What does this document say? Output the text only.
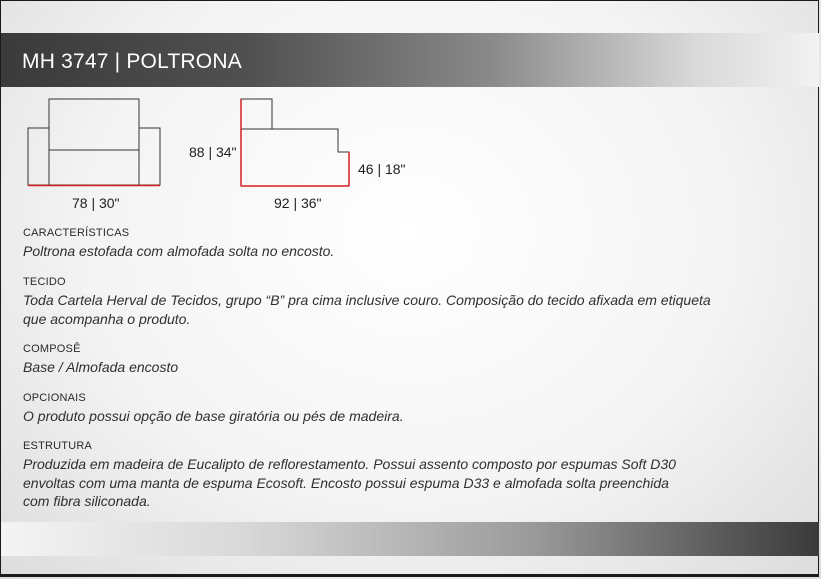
MH 3747 | POLTRONA
78 | 30"	92 | 36"
88 | 34"
46 | 18"
CARACTERÍSTICAS
Poltrona estofada com almofada solta no encosto.
TECIDO
Toda Cartela Herval de Tecidos, grupo “B” pra cima inclusive couro. Composição do tecido afixada em etiqueta que acompanha o produto.
COMPOSÊ
Base / Almofada encosto
OPCIONAIS
O produto possui opção de base giratória ou pés de madeira.
ESTRUTURA
Produzida em madeira de Eucalipto de reflorestamento. Possui assento composto por espumas Soft D30 envoltas com uma manta de espuma Ecosoft. Encosto possui espuma D33 e almofada solta preenchida com fibra siliconada.
